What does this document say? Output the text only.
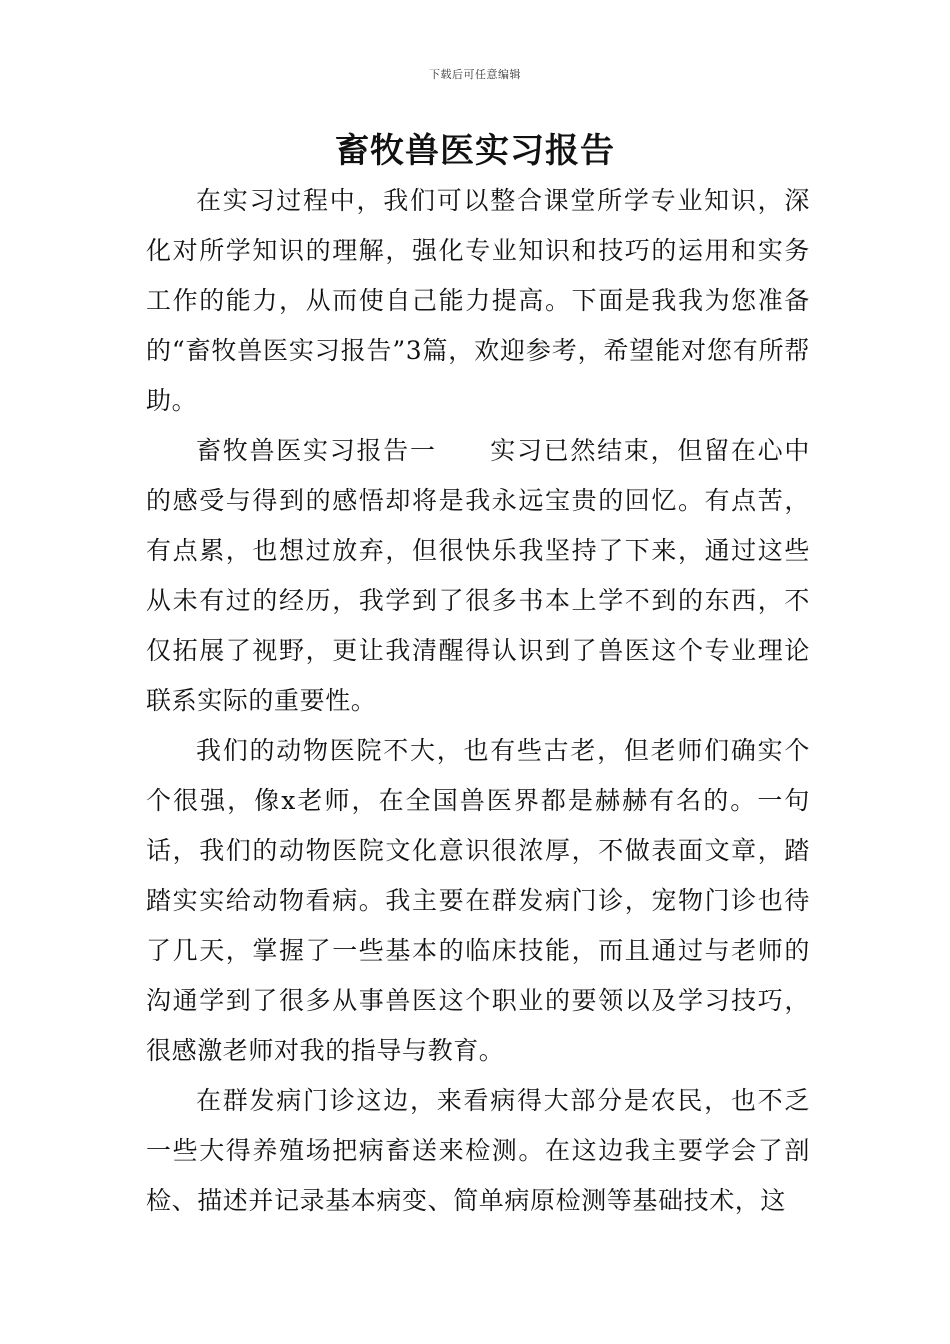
下载后可任意编辑
畜牧兽医实习报告

在实习过程中，我们可以整合课堂所学专业知识，深化对所学知识的理解，强化专业知识和技巧的运用和实务工作的能力，从而使自己能力提高。下面是我我为您准备的“畜牧兽医实习报告”3篇，欢迎参考，希望能对您有所帮助。

畜牧兽医实习报告一　　实习已然结束，但留在心中的感受与得到的感悟却将是我永远宝贵的回忆。有点苦，有点累，也想过放弃，但很快乐我坚持了下来，通过这些从未有过的经历，我学到了很多书本上学不到的东西，不仅拓展了视野，更让我清醒得认识到了兽医这个专业理论联系实际的重要性。

我们的动物医院不大，也有些古老，但老师们确实个个很强，像x老师，在全国兽医界都是赫赫有名的。一句话，我们的动物医院文化意识很浓厚，不做表面文章，踏踏实实给动物看病。我主要在群发病门诊，宠物门诊也待了几天，掌握了一些基本的临床技能，而且通过与老师的沟通学到了很多从事兽医这个职业的要领以及学习技巧，很感激老师对我的指导与教育。

在群发病门诊这边，来看病得大部分是农民，也不乏一些大得养殖场把病畜送来检测。在这边我主要学会了剖检、描述并记录基本病变、简单病原检测等基础技术，这
